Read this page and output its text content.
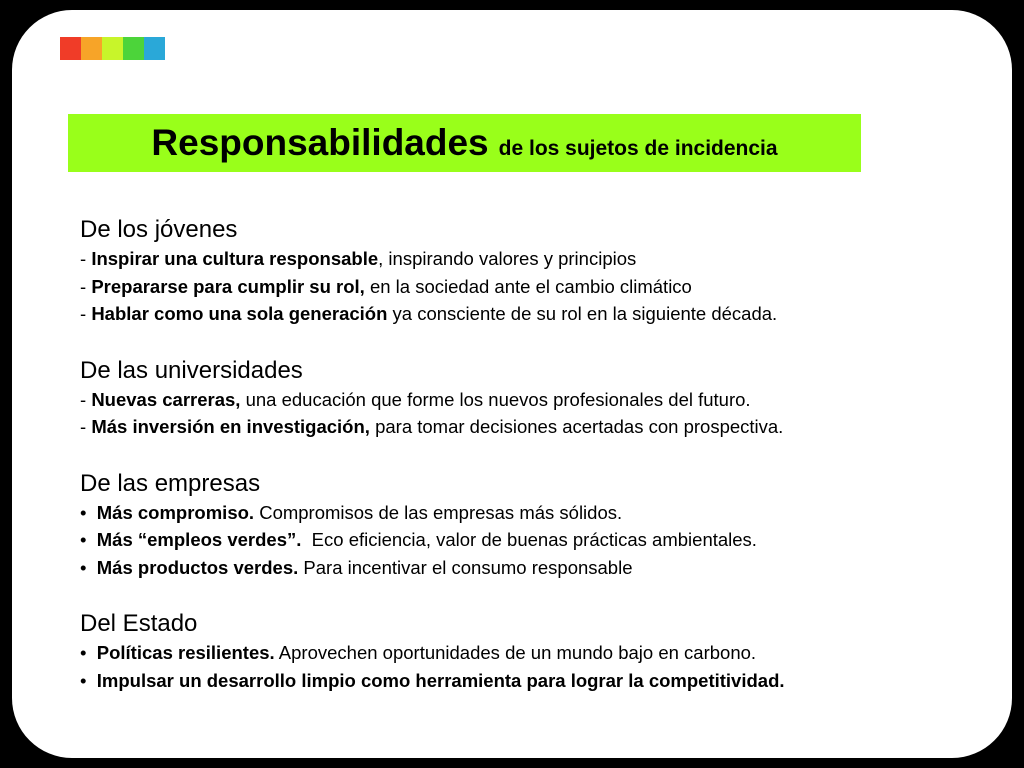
Responsabilidades de los sujetos de incidencia
De los jóvenes
- Inspirar una cultura responsable, inspirando valores y principios
- Prepararse para cumplir su rol, en la sociedad ante el cambio climático
- Hablar como una sola generación ya consciente de su rol en la siguiente década.
De las universidades
- Nuevas carreras, una educación que forme los nuevos profesionales del futuro.
- Más inversión en investigación, para tomar decisiones acertadas con prospectiva.
De las empresas
•  Más compromiso. Compromisos de las empresas más sólidos.
•  Más “empleos verdes”.  Eco eficiencia, valor de buenas prácticas ambientales.
•  Más productos verdes. Para incentivar el consumo responsable
Del Estado
•  Políticas resilientes. Aprovechen oportunidades de un mundo bajo en carbono.
•  Impulsar un desarrollo limpio como herramienta para lograr la competitividad.
